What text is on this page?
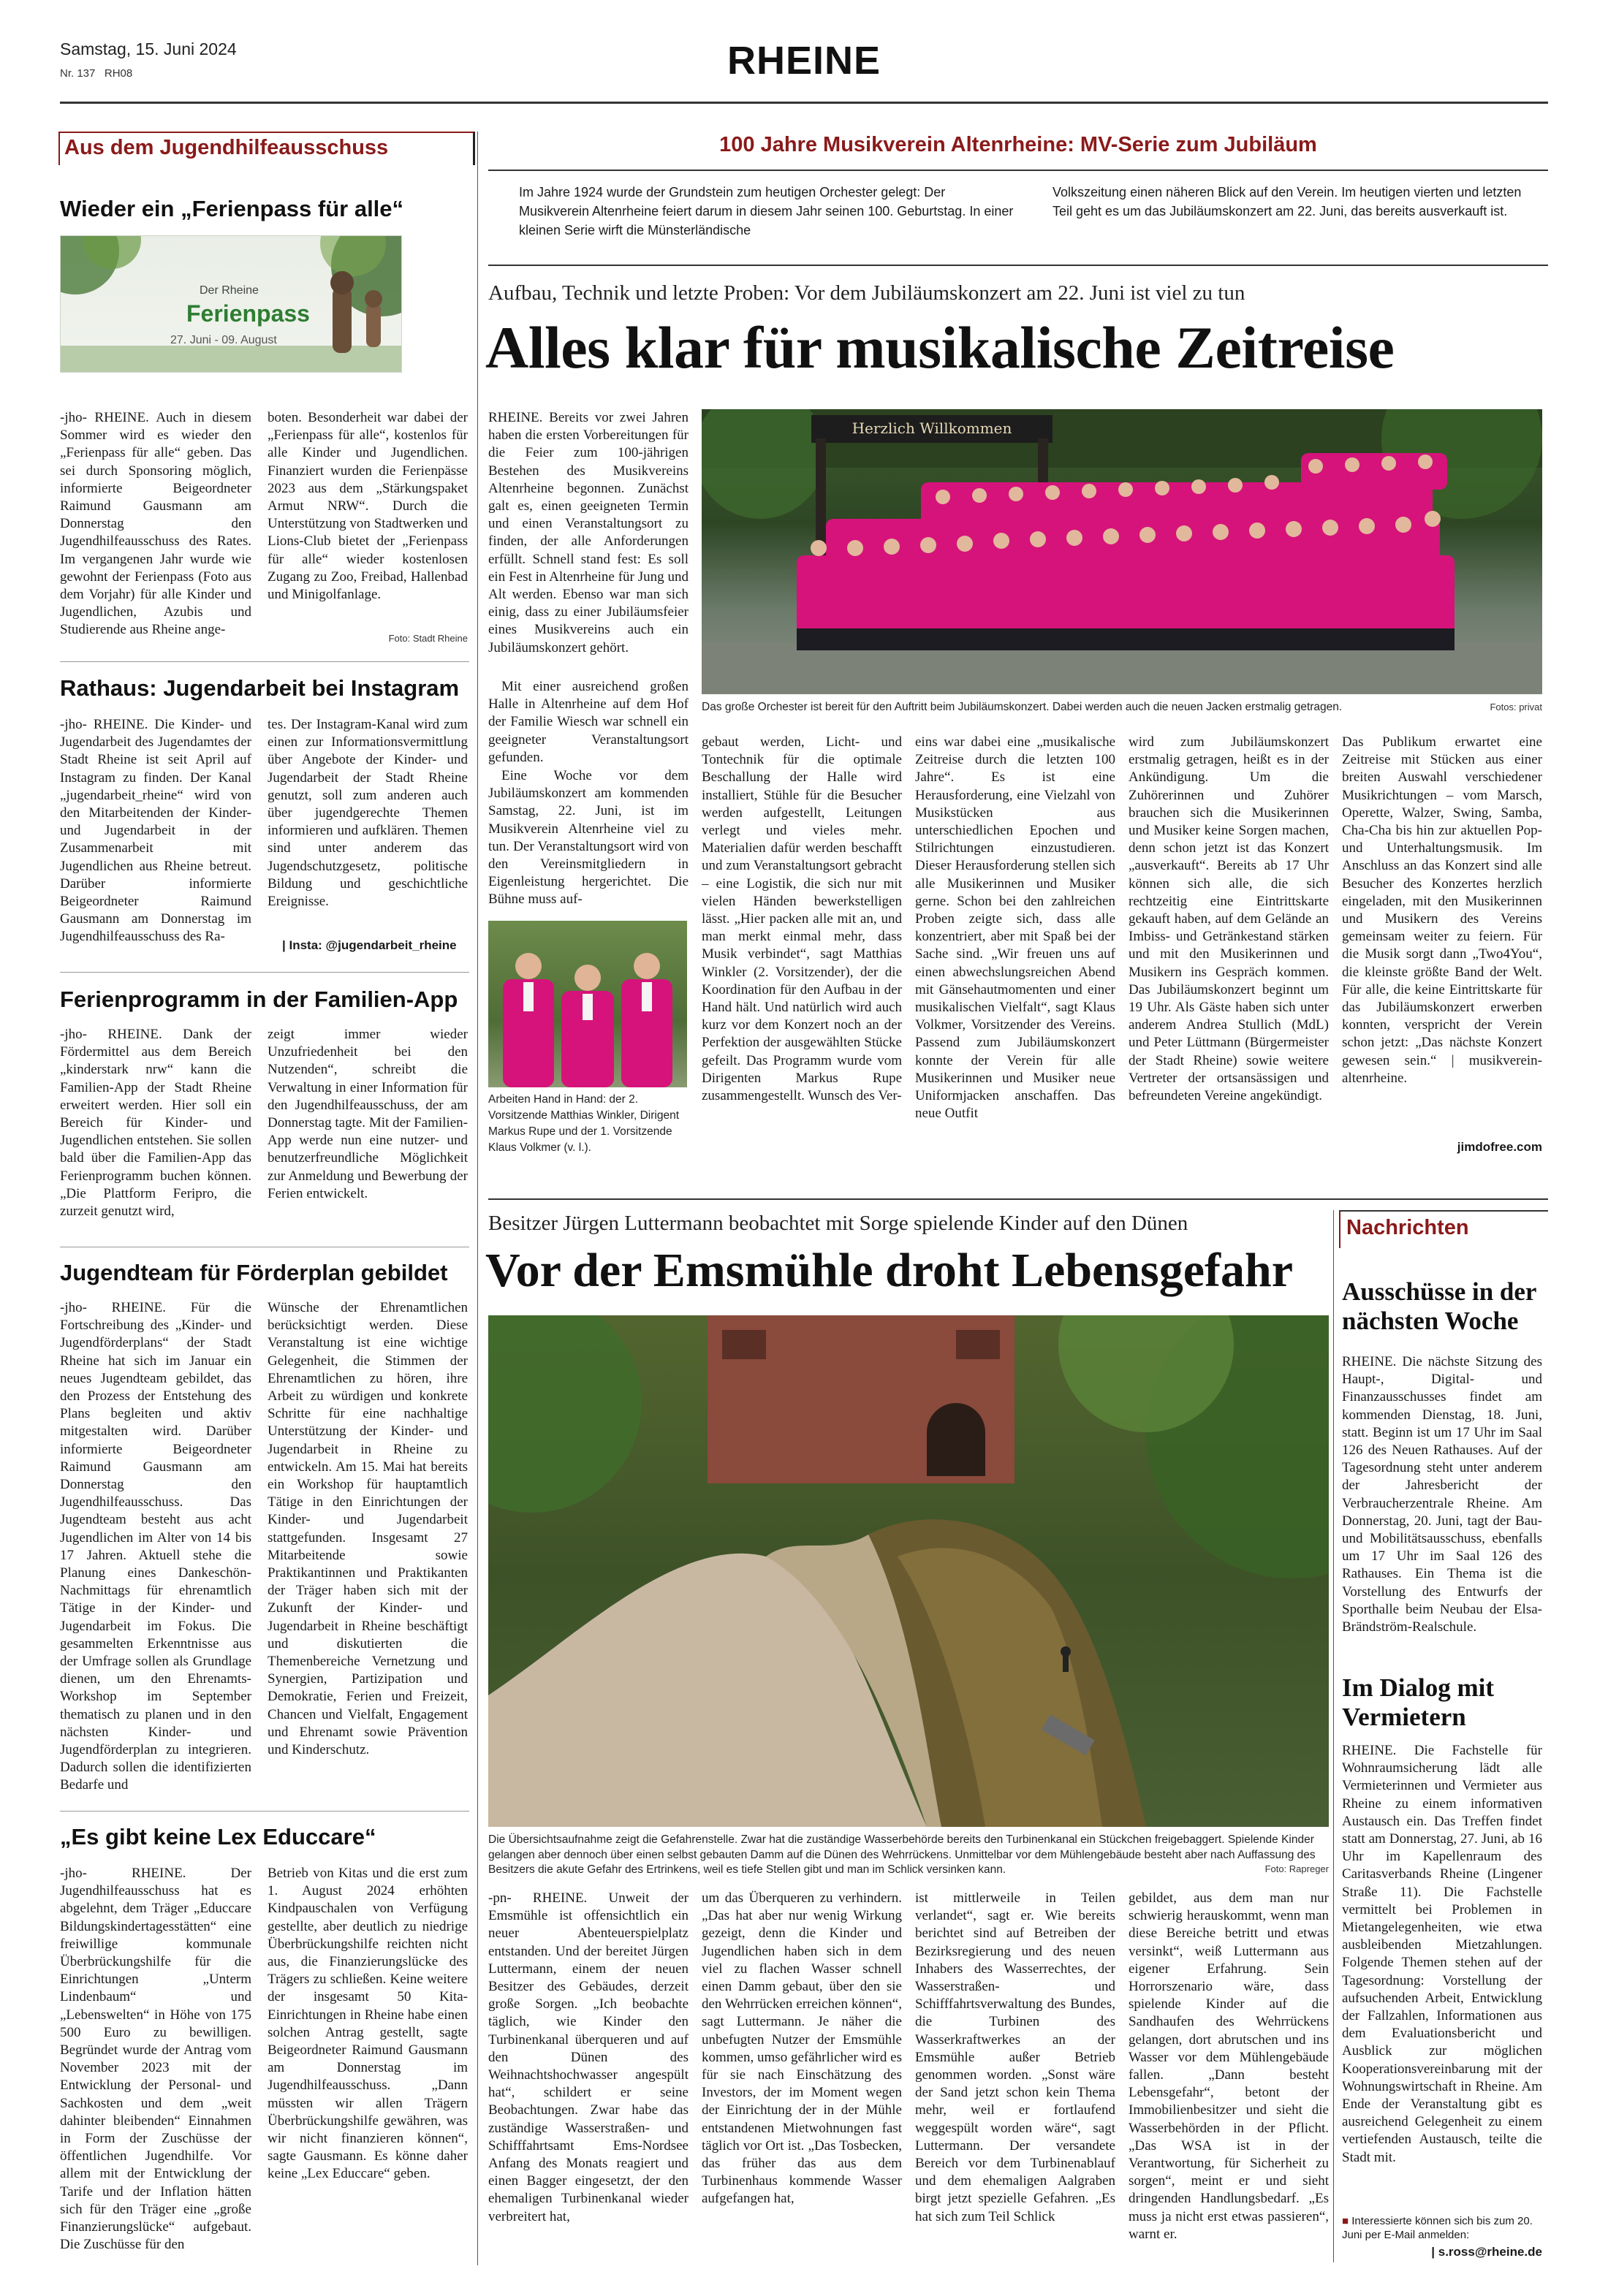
Samstag, 15. Juni 2024
Nr. 137 RH08	RHEINE
Aus dem Jugendhilfeausschuss
Wieder ein „Ferienpass für alle“
Der Rheine
Ferienpass
27. Juni - 09. August
-jho- RHEINE. Auch in diesem Sommer wird es wieder den „Ferienpass für alle“ geben. Das sei durch Sponsoring möglich, informierte Beigeordneter Raimund Gausmann am Donnerstag den Jugendhilfeausschuss des Rates. Im vergangenen Jahr wurde wie gewohnt der Ferienpass (Foto aus dem Vorjahr) für alle Kinder und Jugendlichen, Azubis und Studierende aus Rheine ange-
boten. Besonderheit war dabei der „Ferienpass für alle“, kostenlos für alle Kinder und Jugendlichen. Finanziert wurden die Ferienpässe 2023 aus dem „Stärkungspaket Armut NRW“. Durch die Unterstützung von Stadtwerken und Lions-Club bietet der „Ferienpass für alle“ wieder kostenlosen Zugang zu Zoo, Freibad, Hallenbad und Minigolfanlage.
Foto: Stadt Rheine
Rathaus: Jugendarbeit bei Instagram
-jho- RHEINE. Die Kinder- und Jugendarbeit des Jugendamtes der Stadt Rheine ist seit April auf Instagram zu finden. Der Kanal „jugendarbeit_rheine“ wird von den Mitarbeitenden der Kinder- und Jugendarbeit in der Zusammenarbeit mit Jugendlichen aus Rheine betreut. Darüber informierte Beigeordneter Raimund Gausmann am Donnerstag im Jugendhilfeausschuss des Ra-
tes. Der Instagram-Kanal wird zum einen zur Informationsvermittlung über Angebote der Kinder- und Jugendarbeit der Stadt Rheine genutzt, soll zum anderen auch über jugendgerechte Themen informieren und aufklären. Themen sind unter anderem das Jugendschutzgesetz, politische Bildung und geschichtliche Ereignisse.
| Insta: @jugendarbeit_rheine
Ferienprogramm in der Familien-App
-jho- RHEINE. Dank der Fördermittel aus dem Bereich „kinderstark nrw“ kann die Familien-App der Stadt Rheine erweitert werden. Hier soll ein Bereich für Kinder- und Jugendlichen entstehen. Sie sollen bald über die Familien-App das Ferienprogramm buchen können. „Die Plattform Feripro, die zurzeit genutzt wird,
zeigt immer wieder Unzufriedenheit bei den Nutzenden“, schreibt die Verwaltung in einer Information für den Jugendhilfeausschuss, der am Donnerstag tagte. Mit der Familien-App werde nun eine nutzer- und benutzerfreundliche Möglichkeit zur Anmeldung und Bewerbung der Ferien entwickelt.
Jugendteam für Förderplan gebildet
-jho- RHEINE. Für die Fortschreibung des „Kinder- und Jugendförderplans“ der Stadt Rheine hat sich im Januar ein neues Jugendteam gebildet, das den Prozess der Entstehung des Plans begleiten und aktiv mitgestalten wird. Darüber informierte Beigeordneter Raimund Gausmann am Donnerstag den Jugendhilfeausschuss. Das Jugendteam besteht aus acht Jugendlichen im Alter von 14 bis 17 Jahren. Aktuell stehe die Planung eines Dankeschön-Nachmittags für ehrenamtlich Tätige in der Kinder- und Jugendarbeit im Fokus. Die gesammelten Erkenntnisse aus der Umfrage sollen als Grundlage dienen, um den Ehrenamts-Workshop im September thematisch zu planen und in den nächsten Kinder- und Jugendförderplan zu integrieren. Dadurch sollen die identifizierten Bedarfe und
Wünsche der Ehrenamtlichen berücksichtigt werden. Diese Veranstaltung ist eine wichtige Gelegenheit, die Stimmen der Ehrenamtlichen zu hören, ihre Arbeit zu würdigen und konkrete Schritte für eine nachhaltige Unterstützung der Kinder- und Jugendarbeit in Rheine zu entwickeln. Am 15. Mai hat bereits ein Workshop für hauptamtlich Tätige in den Einrichtungen der Kinder- und Jugendarbeit stattgefunden. Insgesamt 27 Mitarbeitende sowie Praktikantinnen und Praktikanten der Träger haben sich mit der Zukunft der Kinder- und Jugendarbeit in Rheine beschäftigt und diskutierten die Themenbereiche Vernetzung und Synergien, Partizipation und Demokratie, Ferien und Freizeit, Chancen und Vielfalt, Engagement und Ehrenamt sowie Prävention und Kinderschutz.
„Es gibt keine Lex Educcare“
-jho- RHEINE. Der Jugendhilfeausschuss hat es abgelehnt, dem Träger „Educcare Bildungskindertagesstätten“ eine freiwillige kommunale Überbrückungshilfe für die Einrichtungen „Unterm Lindenbaum“ und „Lebenswelten“ in Höhe von 175 500 Euro zu bewilligen. Begründet wurde der Antrag vom November 2023 mit der Entwicklung der Personal- und Sachkosten und dem „weit dahinter bleibenden“ Einnahmen in Form der Zuschüsse der öffentlichen Jugendhilfe. Vor allem mit der Entwicklung der Tarife und der Inflation hätten sich für den Träger eine „große Finanzierungslücke“ aufgebaut. Die Zuschüsse für den
Betrieb von Kitas und die erst zum 1. August 2024 erhöhten Kindpauschalen von Verfügung gestellte, aber deutlich zu niedrige Überbrückungshilfe reichten nicht aus, die Finanzierungslücke des Trägers zu schließen. Keine weitere der insgesamt 50 Kita-Einrichtungen in Rheine habe einen solchen Antrag gestellt, sagte Beigeordneter Raimund Gausmann am Donnerstag im Jugendhilfeausschuss. „Dann müssten wir allen Trägern Überbrückungshilfe gewähren, was wir nicht finanzieren können“, sagte Gausmann. Es könne daher keine „Lex Educcare“ geben.
100 Jahre Musikverein Altenrheine: MV-Serie zum Jubiläum
Im Jahre 1924 wurde der Grundstein zum heutigen Orchester gelegt: Der Musikverein Altenrheine feiert darum in diesem Jahr seinen 100. Geburtstag. In einer kleinen Serie wirft die Münsterländische
Volkszeitung einen näheren Blick auf den Verein. Im heutigen vierten und letzten Teil geht es um das Jubiläumskonzert am 22. Juni, das bereits ausverkauft ist.
Aufbau, Technik und letzte Proben: Vor dem Jubiläumskonzert am 22. Juni ist viel zu tun
Alles klar für musikalische Zeitreise
RHEINE. Bereits vor zwei Jahren haben die ersten Vorbereitungen für die Feier zum 100-jährigen Bestehen des Musikvereins Altenrheine begonnen. Zunächst galt es, einen geeigneten Termin und einen Veranstaltungsort zu finden, der alle Anforderungen erfüllt. Schnell stand fest: Es soll ein Fest in Altenrheine für Jung und Alt werden. Ebenso war man sich einig, dass zu einer Jubiläumsfeier eines Musikvereins auch ein Jubiläumskonzert gehört.
Mit einer ausreichend großen Halle in Altenrheine auf dem Hof der Familie Wiesch war schnell ein geeigneter Veranstaltungsort gefunden.
Eine Woche vor dem Jubiläumskonzert am kommenden Samstag, 22. Juni, ist im Musikverein Altenrheine viel zu tun. Der Veranstaltungsort wird von den Vereinsmitgliedern in Eigenleistung hergerichtet. Die Bühne muss auf-
Herzlich Willkommen
Das große Orchester ist bereit für den Auftritt beim Jubiläumskonzert. Dabei werden auch die neuen Jacken erstmalig getragen.	Fotos: privat
Arbeiten Hand in Hand: der 2. Vorsitzende Matthias Winkler, Dirigent Markus Rupe und der 1. Vorsitzende Klaus Volkmer (v. l.).
gebaut werden, Licht- und Tontechnik für die optimale Beschallung der Halle wird installiert, Stühle für die Besucher werden aufgestellt, Leitungen verlegt und vieles mehr. Materialien dafür werden beschafft und zum Veranstaltungsort gebracht – eine Logistik, die sich nur mit vielen Händen bewerkstelligen lässt. „Hier packen alle mit an, und man merkt einmal mehr, dass Musik verbindet“, sagt Matthias Winkler (2. Vorsitzender), der die Koordination für den Aufbau in der Hand hält. Und natürlich wird auch kurz vor dem Konzert noch an der Perfektion der ausgewählten Stücke gefeilt. Das Programm wurde vom Dirigenten Markus Rupe zusammengestellt. Wunsch des Ver-
eins war dabei eine „musikalische Zeitreise durch die letzten 100 Jahre“. Es ist eine Herausforderung, eine Vielzahl von Musikstücken aus unterschiedlichen Epochen und Stilrichtungen einzustudieren. Dieser Herausforderung stellen sich alle Musikerinnen und Musiker gerne. Schon bei den zahlreichen Proben zeigte sich, dass alle konzentriert, aber mit Spaß bei der Sache sind. „Wir freuen uns auf einen abwechslungsreichen Abend mit Gänsehautmomenten und einer musikalischen Vielfalt“, sagt Klaus Volkmer, Vorsitzender des Vereins. Passend zum Jubiläumskonzert konnte der Verein für alle Musikerinnen und Musiker neue Uniformjacken anschaffen. Das neue Outfit
wird zum Jubiläumskonzert erstmalig getragen, heißt es in der Ankündigung. Um die Zuhörerinnen und Zuhörer brauchen sich die Musikerinnen und Musiker keine Sorgen machen, denn schon jetzt ist das Konzert „ausverkauft“. Bereits ab 17 Uhr können sich alle, die sich rechtzeitig eine Eintrittskarte gekauft haben, auf dem Gelände an Imbiss- und Getränkestand stärken und mit den Musikerinnen und Musikern ins Gespräch kommen. Das Jubiläumskonzert beginnt um 19 Uhr. Als Gäste haben sich unter anderem Andrea Stullich (MdL) und Peter Lüttmann (Bürgermeister der Stadt Rheine) sowie weitere Vertreter der ortsansässigen und befreundeten Vereine angekündigt.
Das Publikum erwartet eine Zeitreise mit Stücken aus einer breiten Auswahl verschiedener Musikrichtungen – vom Marsch, Operette, Walzer, Swing, Samba, Cha-Cha bis hin zur aktuellen Pop- und Unterhaltungsmusik. Im Anschluss an das Konzert sind alle Besucher des Konzertes herzlich eingeladen, mit den Musikerinnen und Musikern des Vereins gemeinsam weiter zu feiern. Für die Musik sorgt dann „Two4You“, die kleinste größte Band der Welt. Für alle, die keine Eintrittskarte für das Jubiläumskonzert erwerben konnten, verspricht der Verein schon jetzt: „Das nächste Konzert gewesen sein.“ | musikverein-altenrheine.
jimdofree.com
Besitzer Jürgen Luttermann beobachtet mit Sorge spielende Kinder auf den Dünen
Vor der Emsmühle droht Lebensgefahr
Die Übersichtsaufnahme zeigt die Gefahrenstelle. Zwar hat die zuständige Wasserbehörde bereits den Turbinenkanal ein Stückchen freigebaggert. Spielende Kinder gelangen aber dennoch über einen selbst gebauten Damm auf die Dünen des Wehrrückens. Unmittelbar vor dem Mühlengebäude besteht aber nach Auffassung des Besitzers die akute Gefahr des Ertrinkens, weil es tiefe Stellen gibt und man im Schlick versinken kann.	Foto: Rapreger
-pn- RHEINE. Unweit der Emsmühle ist offensichtlich ein neuer Abenteuerspielplatz entstanden. Und der bereitet Jürgen Luttermann, einem der neuen Besitzer des Gebäudes, derzeit große Sorgen. „Ich beobachte täglich, wie Kinder den Turbinenkanal überqueren und auf den Dünen des Weihnachtshochwasser angespült hat“, schildert er seine Beobachtungen. Zwar habe das zuständige Wasserstraßen- und Schifffahrtsamt Ems-Nordsee Anfang des Monats reagiert und einen Bagger eingesetzt, der den ehemaligen Turbinenkanal wieder verbreitert hat,
um das Überqueren zu verhindern. „Das hat aber nur wenig Wirkung gezeigt, denn die Kinder und Jugendlichen haben sich in dem viel zu flachen Wasser schnell einen Damm gebaut, über den sie den Wehrrücken erreichen können“, sagt Luttermann. Je näher die unbefugten Nutzer der Emsmühle kommen, umso gefährlicher wird es für sie nach Einschätzung des Investors, der im Moment wegen der Einrichtung der in der Mühle entstandenen Mietwohnungen fast täglich vor Ort ist. „Das Tosbecken, das früher das aus dem Turbinenhaus kommende Wasser aufgefangen hat,
ist mittlerweile in Teilen verlandet“, sagt er. Wie bereits berichtet sind auf Betreiben der Bezirksregierung und des neuen Inhabers des Wasserrechtes, der Wasserstraßen- und Schifffahrtsverwaltung des Bundes, die Turbinen des Wasserkraftwerkes an der Emsmühle außer Betrieb genommen worden. „Sonst wäre der Sand jetzt schon kein Thema mehr, weil er fortlaufend weggespült worden wäre“, sagt Luttermann. Der versandete Bereich vor dem Turbinenablauf und dem ehemaligen Aalgraben birgt jetzt spezielle Gefahren. „Es hat sich zum Teil Schlick
gebildet, aus dem man nur schwierig herauskommt, wenn man diese Bereiche betritt und etwas versinkt“, weiß Luttermann aus eigener Erfahrung. Sein Horrorszenario wäre, dass spielende Kinder auf die Sandhaufen des Wehrrückens gelangen, dort abrutschen und ins Wasser vor dem Mühlengebäude fallen. „Dann besteht Lebensgefahr“, betont der Immobilienbesitzer und sieht die Wasserbehörden in der Pflicht. „Das WSA ist in der Verantwortung, für Sicherheit zu sorgen“, meint er und sieht dringenden Handlungsbedarf. „Es muss ja nicht erst etwas passieren“, warnt er.
Nachrichten
Ausschüsse in der nächsten Woche
RHEINE. Die nächste Sitzung des Haupt-, Digital- und Finanzausschusses findet am kommenden Dienstag, 18. Juni, statt. Beginn ist um 17 Uhr im Saal 126 des Neuen Rathauses. Auf der Tagesordnung steht unter anderem der Jahresbericht der Verbraucherzentrale Rheine. Am Donnerstag, 20. Juni, tagt der Bau- und Mobilitätsausschuss, ebenfalls um 17 Uhr im Saal 126 des Rathauses. Ein Thema ist die Vorstellung des Entwurfs der Sporthalle beim Neubau der Elsa-Brändström-Realschule.
Im Dialog mit Vermietern
RHEINE. Die Fachstelle für Wohnraumsicherung lädt alle Vermieterinnen und Vermieter aus Rheine zu einem informativen Austausch ein. Das Treffen findet statt am Donnerstag, 27. Juni, ab 16 Uhr im Kapellenraum des Caritasverbands Rheine (Lingener Straße 11). Die Fachstelle vermittelt bei Problemen in Mietangelegenheiten, wie etwa ausbleibenden Mietzahlungen. Folgende Themen stehen auf der Tagesordnung: Vorstellung der aufsuchenden Arbeit, Entwicklung der Fallzahlen, Informationen aus dem Evaluationsbericht und Ausblick zur möglichen Kooperationsvereinbarung mit der Wohnungswirtschaft in Rheine. Am Ende der Veranstaltung gibt es ausreichend Gelegenheit zu einem vertiefenden Austausch, teilte die Stadt mit.
■ Interessierte können sich bis zum 20. Juni per E-Mail anmelden:
| s.ross@rheine.de
